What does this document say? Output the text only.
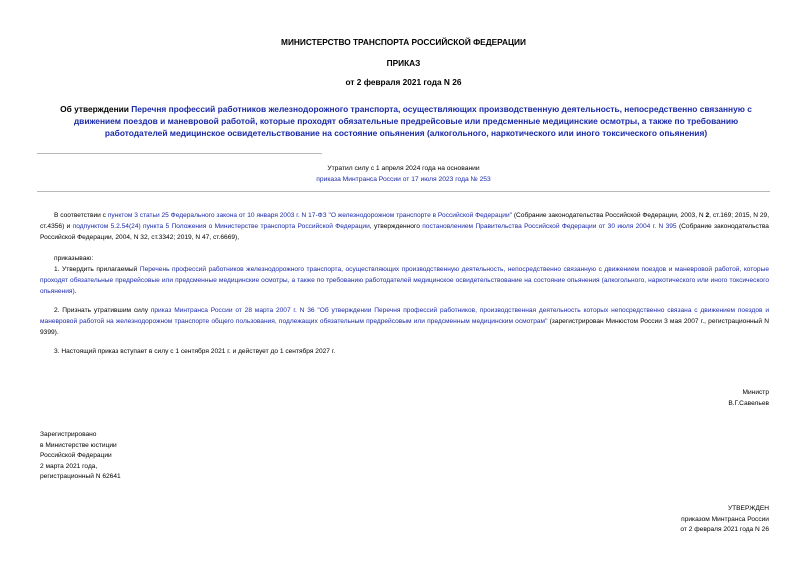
МИНИСТЕРСТВО ТРАНСПОРТА РОССИЙСКОЙ ФЕДЕРАЦИИ
ПРИКАЗ
от 2 февраля 2021 года N 26
Об утверждении Перечня профессий работников железнодорожного транспорта, осуществляющих производственную деятельность, непосредственно связанную с движением поездов и маневровой работой, которые проходят обязательные предрейсовые или предсменные медицинские осмотры, а также по требованию работодателей медицинское освидетельствование на состояние опьянения (алкогольного, наркотического или иного токсического опьянения)
Утратил силу с 1 апреля 2024 года на основании
приказа Минтранса России от 17 июля 2023 года № 253
В соответствии с пунктом 3 статьи 25 Федерального закона от 10 января 2003 г. N 17-ФЗ "О железнодорожном транспорте в Российской Федерации" (Собрание законодательства Российской Федерации, 2003, N 2, ст.169; 2015, N 29, ст.4356) и подпунктом 5.2.54(24) пункта 5 Положения о Министерстве транспорта Российской Федерации, утвержденного постановлением Правительства Российской Федерации от 30 июля 2004 г. N 395 (Собрание законодательства Российской Федерации, 2004, N 32, ст.3342; 2019, N 47, ст.6669),
приказываю:
1. Утвердить прилагаемый Перечень профессий работников железнодорожного транспорта, осуществляющих производственную деятельность, непосредственно связанную с движением поездов и маневровой работой, которые проходят обязательные предрейсовые или предсменные медицинские осмотры, а также по требованию работодателей медицинское освидетельствование на состояние опьянения (алкогольного, наркотического или иного токсического опьянения).
2. Признать утратившим силу приказ Минтранса России от 28 марта 2007 г. N 36 "Об утверждении Перечня профессий работников, производственная деятельность которых непосредственно связана с движением поездов и маневровой работой на железнодорожном транспорте общего пользования, подлежащих обязательным предрейсовым или предсменным медицинским осмотрам" (зарегистрирован Минюстом России 3 мая 2007 г., регистрационный N 9399).
3. Настоящий приказ вступает в силу с 1 сентября 2021 г. и действует до 1 сентября 2027 г.
Министр
В.Г.Савельев
Зарегистрировано
в Министерстве юстиции
Российской Федерации
2 марта 2021 года,
регистрационный N 62641
УТВЕРЖДЕН
приказом Минтранса России
от 2 февраля 2021 года N 26
